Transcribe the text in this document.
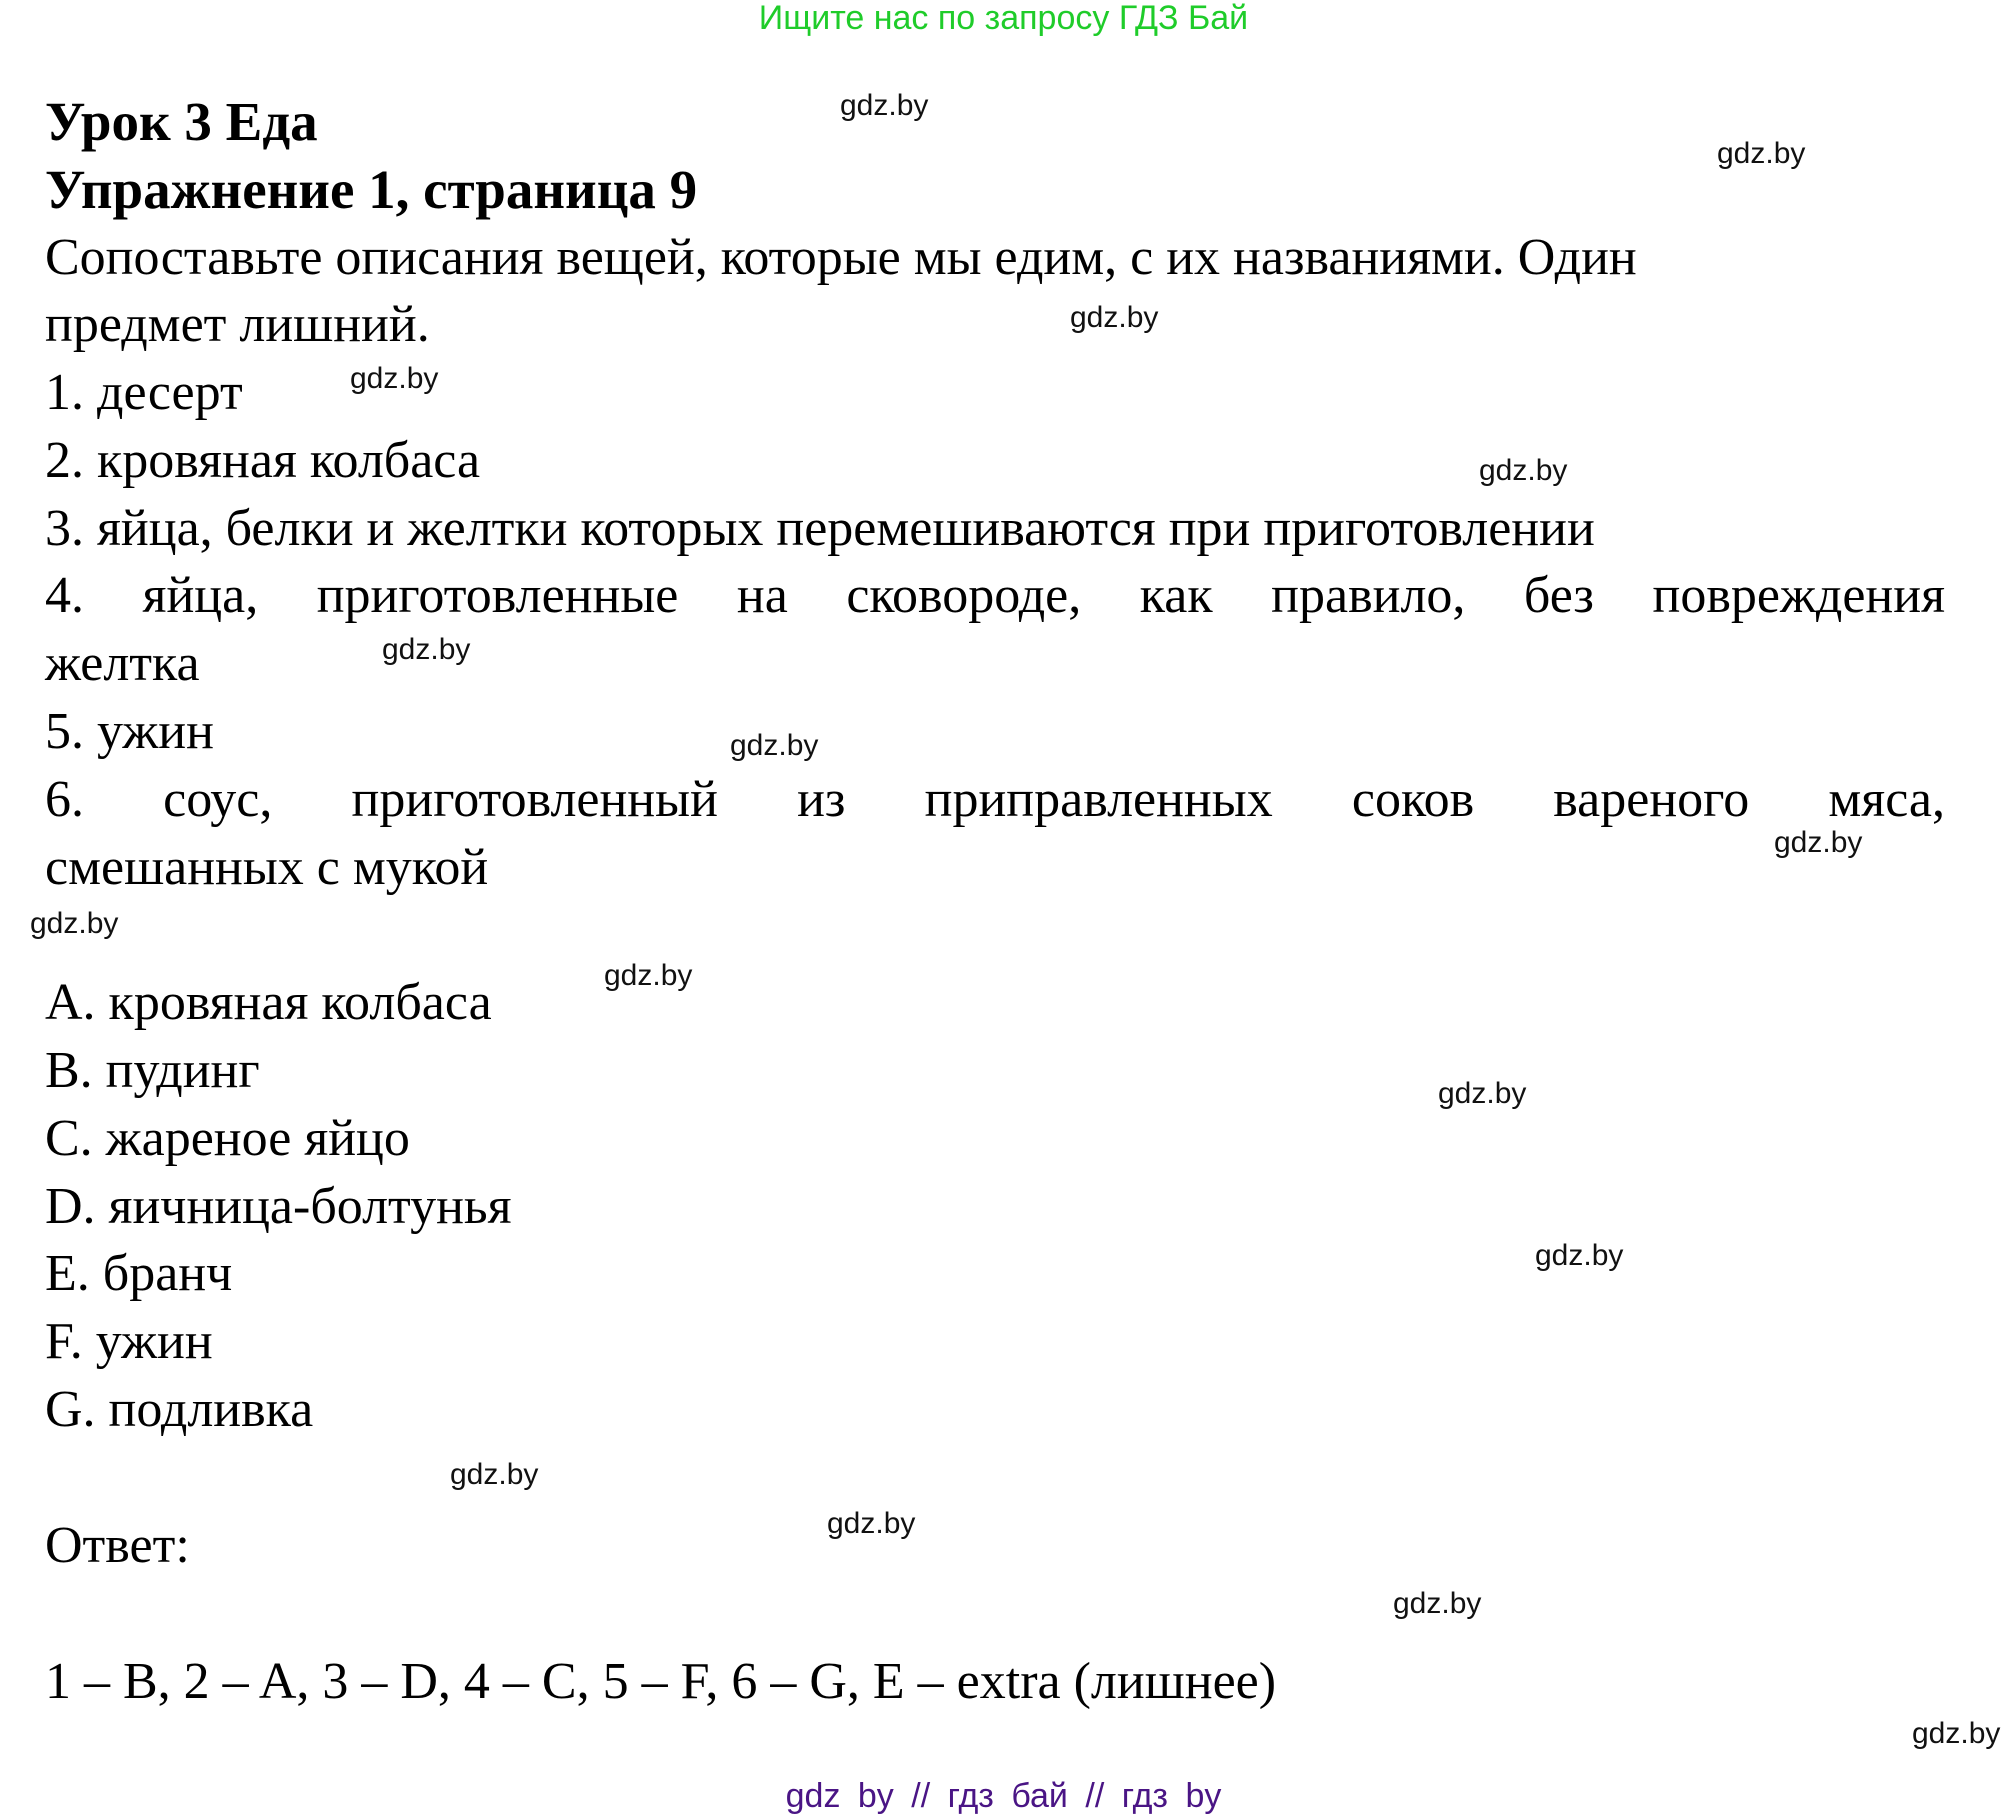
Ищите нас по запросу ГДЗ Бай
Урок 3 Еда
Упражнение 1, страница 9
Сопоставьте описания вещей, которые мы едим, с их названиями. Один
предмет лишний.
1. десерт
2. кровяная колбаса
3. яйца, белки и желтки которых перемешиваются при приготовлении
4. яйца, приготовленные на сковороде, как правило, без повреждения
желтка
5. ужин
6. соус, приготовленный из приправленных соков вареного мяса,
смешанных с мукой
A. кровяная колбаса
B. пудинг
C. жареное яйцо
D. яичница-болтунья
E. бранч
F. ужин
G. подливка
Ответ:
1 – B, 2 – A, 3 – D, 4 – C, 5 – F, 6 – G, E – extra (лишнее)
gdz.by
gdz.by
gdz.by
gdz.by
gdz.by
gdz.by
gdz.by
gdz.by
gdz.by
gdz.by
gdz.by
gdz.by
gdz.by
gdz.by
gdz.by
gdz.by
gdz by // гдз бай // гдз by
